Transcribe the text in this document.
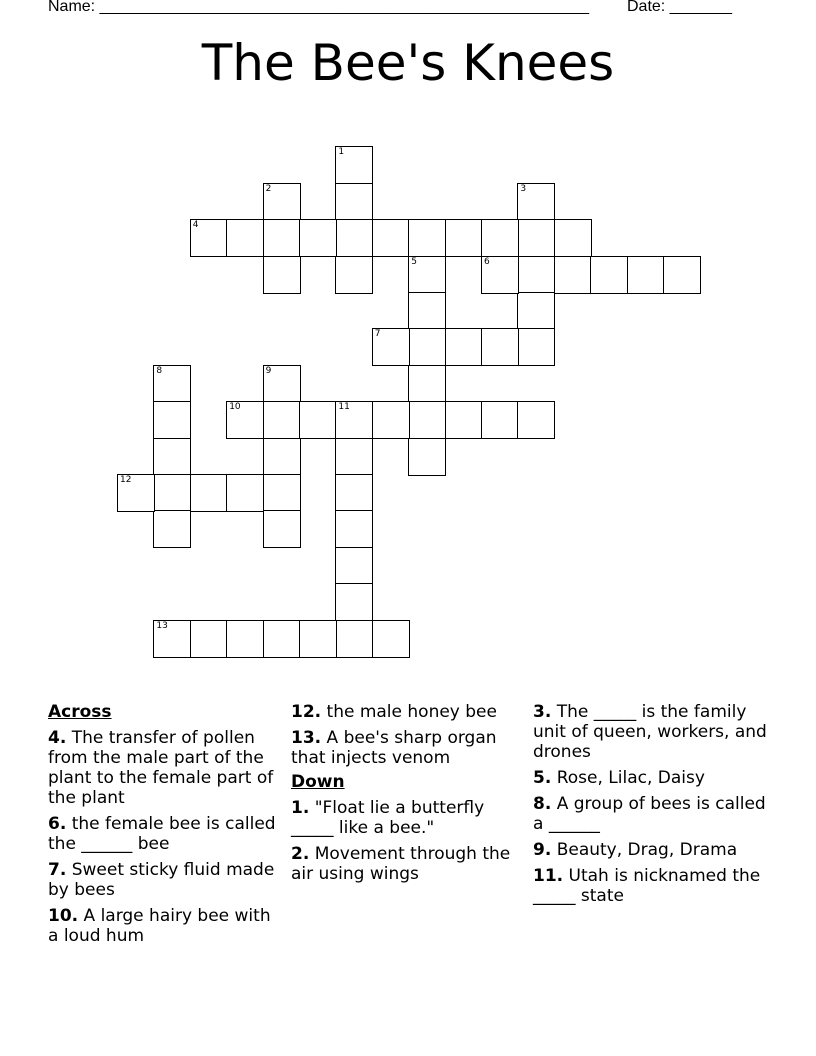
Name: _______________________________________________________ Date: _______
The Bee's Knees
1
2	3
4
5	6
7
8	9
10	11
12
13
Across
4. The transfer of pollen from the male part of the plant to the female part of the plant
6. the female bee is called the ______ bee
7. Sweet sticky fluid made by bees
10. A large hairy bee with a loud hum
12. the male honey bee
13. A bee's sharp organ that injects venom
Down
1. "Float lie a butterfly _____ like a bee."
2. Movement through the air using wings
3. The _____ is the family unit of queen, workers, and drones
5. Rose, Lilac, Daisy
8. A group of bees is called a ______
9. Beauty, Drag, Drama
11. Utah is nicknamed the _____ state
